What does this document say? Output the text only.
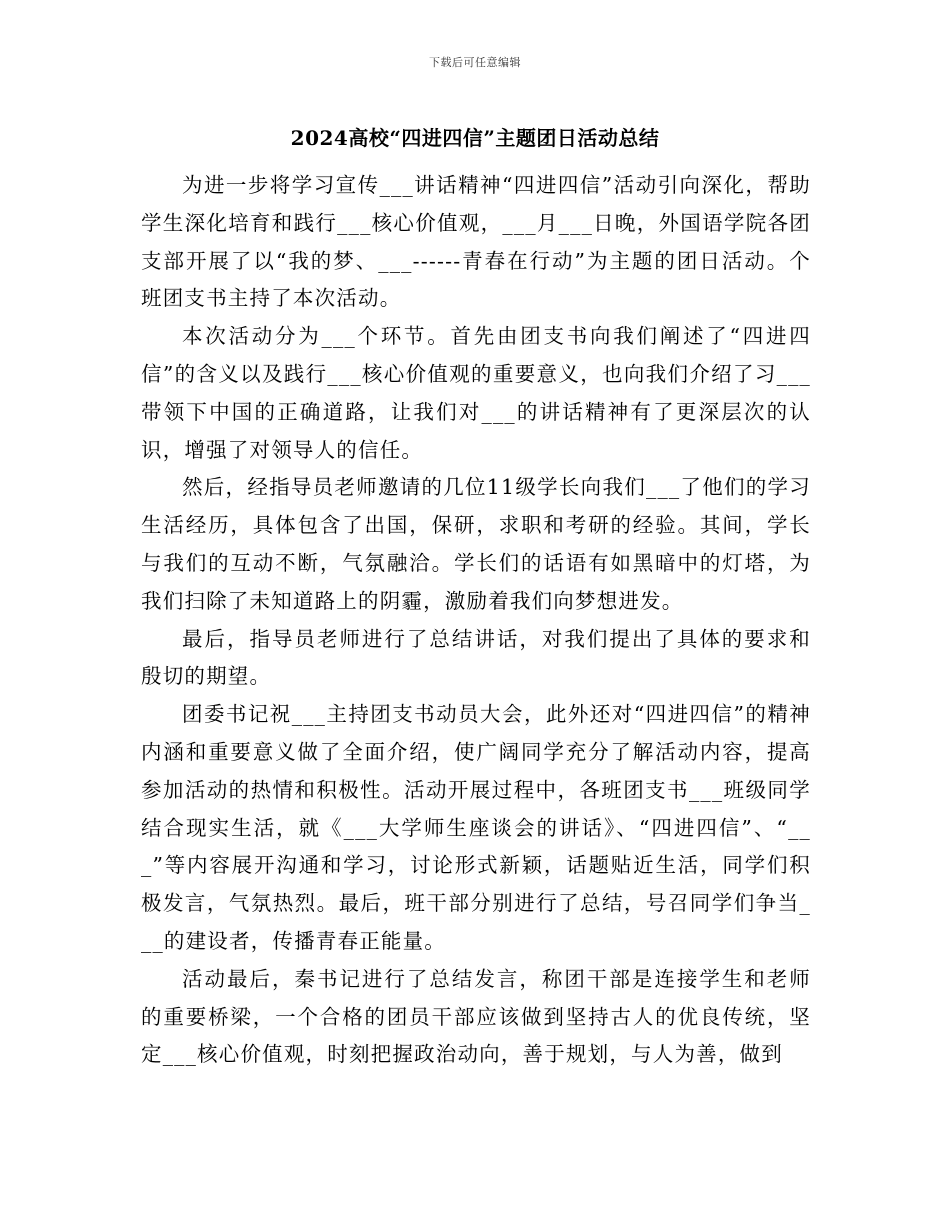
下载后可任意编辑
2024高校“四进四信”主题团日活动总结

为进一步将学习宣传___讲话精神“四进四信”活动引向深化，帮助学生深化培育和践行___核心价值观，___月___日晚，外国语学院各团支部开展了以“我的梦、___------青春在行动”为主题的团日活动。个班团支书主持了本次活动。

本次活动分为___个环节。首先由团支书向我们阐述了“四进四信”的含义以及践行___核心价值观的重要意义，也向我们介绍了习___带领下中国的正确道路，让我们对___的讲话精神有了更深层次的认识，增强了对领导人的信任。

然后，经指导员老师邀请的几位11级学长向我们___了他们的学习生活经历，具体包含了出国，保研，求职和考研的经验。其间，学长与我们的互动不断，气氛融洽。学长们的话语有如黑暗中的灯塔，为我们扫除了未知道路上的阴霾，激励着我们向梦想进发。

最后，指导员老师进行了总结讲话，对我们提出了具体的要求和殷切的期望。

团委书记祝___主持团支书动员大会，此外还对“四进四信”的精神内涵和重要意义做了全面介绍，使广阔同学充分了解活动内容，提高参加活动的热情和积极性。活动开展过程中，各班团支书___班级同学结合现实生活，就《___大学师生座谈会的讲话》、“四进四信”、“___”等内容展开沟通和学习，讨论形式新颖，话题贴近生活，同学们积极发言，气氛热烈。最后，班干部分别进行了总结，号召同学们争当___的建设者，传播青春正能量。

活动最后，秦书记进行了总结发言，称团干部是连接学生和老师的重要桥梁，一个合格的团员干部应该做到坚持古人的优良传统，坚定___核心价值观，时刻把握政治动向，善于规划，与人为善，做到
